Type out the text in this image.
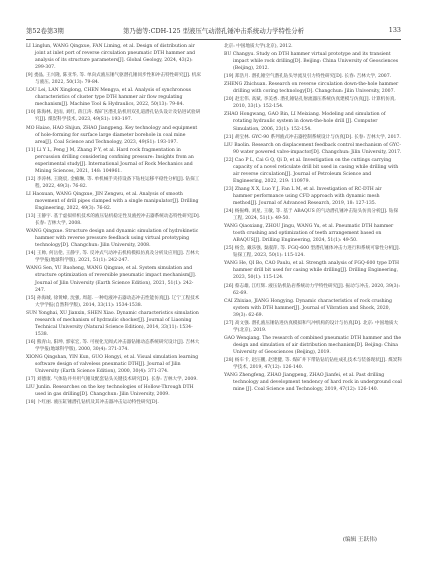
第52卷第3期	第乃德等:CDH-125 型液压气动潜孔锤冲击系统动力学特性分析	133

LI Linglun, WANG Qingxue, FAN Liming, et al. Design of distribution air joint at inlet port of reverse circulation pneumatic DTH hammer and analysis of its structure parameters[J]. Global Geology, 2024, 43(2): 299-307.

[9] 娄晶, 王兴隆, 陈亚华, 等. 单向式液压锤气驱潜孔锤同步性和冲击特性研究[J]. 机床与液压, 2022, 50(13): 79-84.

LOU Lei, LAN Xinglong, CHEN Mengya, et al. Analysis of synchronous characteristics of cluster type DTH hammer air flow regulating mechanism[J]. Machine Tool & Hydraulics, 2022, 50(13): 79-84.

[10] 陈海林, 赵雨, 刘红, 蒋江涛. 煤矿区潜孔钻机用双孔道潜孔钻头设计及钻进试验研究[J]. 煤炭科学技术, 2023, 49(S1): 193-197.

MO Haiao, HAO Shijun, ZHAO Jiangpeng. Key technology and equipment of hole-forming for surface large diameter borehole in coal mine area[J]. Coal Science and Technology, 2023, 49(S1): 193-197.

[11] Li Y L, Peng J M, Zhang P Y, et al. Hard rock fragmentation in percussion drilling considering confining pressure: Insights from an experimental study[J]. International Journal of Rock Mechanics and Mining Sciences, 2021, 148: 104961.

[12] 李涛林, 王晓宸, 金楠琳, 等. 单机械手夹持设备下钻柱运移平稳性分析[J]. 钻探工程, 2022, 49(3): 76-82.

LI Haoxuan, WANG Qingxue, JIN Zengwu, et al. Analysis of smooth movement of drill pipes clamped with a single manipulator[J]. Drilling Engineering, 2022, 49(3): 76-82.

[13] 王静宇. 基于虚拟样机技术的液压钻机稳定性及液控冲击器系统动态特性研究[D]. 长春: 吉林大学, 2008.

WANG Qingxue. Structure design and dynamic simulation of hydrokinetic hammer with reverse pressure feedback using virtual prototyping technology[D]. Changchun: Jilin University, 2008.

[14] 王帅, 何岳伦, 王静宇, 等. 反冲式气动冲击机构模拟仿真及分析及应用[J]. 吉林大学学报(地球科学版), 2021, 51(1): 242-247.

WANG Sen, YU Ruoheng, WANG Qingxue, et al. System simulation and structure optimization of reversible pneumatic impact mechanism[J]. Journal of Jilin University (Earth Science Edition), 2021, 51(1): 242-247.

[15] 孙海城, 徐黄峰, 沈强, 周超. 一种电液冲击器动态冲击性能仿真[J]. 辽宁工程技术大学学报(自然科学版), 2014, 33(11): 1534-1538.

SUN Yonghai, XU Jianxin, SHEN Xiao. Dynamic characteristics simulation research of mechanism of hydraulic shocker[J]. Journal of Liaoning Technical University (Natural Science Edition), 2014, 33(11): 1534-1538.

[16] 熊青山, 阳坤, 郭家宏, 等. 可视化无阀式冲击器钻锤动态系统研究设计[J]. 吉林大学学报(地球科学版), 2000, 30(4): 371-374.

XIONG Qingshan, YIN Kun, GUO Hongyi, et al. Visual simulation learning software design of valveless pneumatic DTH[J]. Journal of Jilin University (Earth Science Edition), 2000, 30(4): 371-374.

[17] 刘德康. 气体钻井井用气锤及配套钻头关键技术研究[D]. 长春: 吉林大学, 2009.

LIU Junlin. Researches on the key technologies of Hollow-Through DTH used in gas drilling[D]. Changchun: Jilin University, 2009.

[18] 卜红丽. 液压缸锤潜孔钻机及其冲击器冲击运动特性研究[D].

北京: 中国地质大学(北京), 2012.

BU Changyu. Study on DTH hammer virtual prototype and its transient impact while rock drilling[D]. Beijing: China University of Geosciences (Beijing), 2012.

[19] 郑浩月. 潜孔锤空气潜孔钻头导流及引力特性研究[D]. 长春: 吉林大学, 2007.

ZHENG Zhichuan. Research on reverse circulation down-the-hole hammer drilling with coring technology[D]. Changchun: Jilin University, 2007.

[20] 赵宏伟, 高斌, 李美香. 潜孔锤钻孔射流器压系统仿真建模与仿真[J]. 计算机仿真, 2010, 33(1): 152-154.

ZHAO Hongwang, GAO Bin, LI Meixiang. Modeling and simulation of rotating hydraulic system in down-the-hole drill [J]. Computer Simulation, 2006, 23(1): 152-154.

[21] 胡宝林. GYC-90 系列液式冲击器控制系统设计与仿真[D]. 长春: 吉林大学, 2017.

LIU Baolin. Research on displacement feedback control mechanism of GYC-90 water powered valve-impactor[D]. Changchun: Jilin University, 2017.

[22] Cao P L, Cai G Q, Qi D, et al. Investigation on the cuttings carrying capacity of a novel reticulate drill bit used in casing while drilling with air reverse circulation[J]. Journal of Petroleum Science and Engineering, 2022, 219: 110979.

[23] Zhang X X, Luo Y J, Fan L M, et al. Investigation of RC-DTH air hammer performance using CFD approach with dynamic mesh method[J]. Journal of Advanced Research, 2019, 18: 127-135.

[24] 杨振峰, 刘星, 王敏, 等. 基于 ABAQUS 的气动潜孔锤冲击钻头仿真分析[J]. 钻探工程, 2024, 51(1): 49-50.

YANG Qiaoxiang, ZHOU Jingu, WANG Yu, et al. Pneumatic DTH hammer tooth crushing and optimization of teeth arrangement based on ABAQUS[J]. Drilling Engineering, 2024, 51(1): 49-50.

[25] 杨会, 戴乐强, 秦淑萍, 等. FGQ-600 型潜孔锤体冲击力进行和系统可靠性分析[J]. 钻探工程, 2023, 50(1): 115-124.

YANG He, QI Bo, CAO Paulu, et al. Strength analysis of FGQ-600 type DTH hammer drill bit used for casing while drilling[J]. Drilling Engineering, 2023, 50(1): 115-124.

[26] 蔡志雄, 江红辉. 液压钻机钻岩系统动力学特性研究[J]. 振动与冲击, 2020, 39(3): 62-69.

CAI Zhixiao, JIANG Hongying. Dynamic characteristics of rock crushing system with DTH hammer[J]. Journal of Vibration and Shock, 2020, 39(3): 62-69.

[27] 高文强. 潜孔液压锤钻进仿真模拟和气冲机构的设计与仿真[D]. 北京: 中国地质大学(北京), 2019.

GAO Wenqiang. The research of combined pneumatic DTH hammer and the design and simulation of air distribution mechanism[D]. Beijing: China University of Geosciences (Beijing), 2019.

[28] 杨车卡, 赵汪鹏, 赵建健, 等. 煤矿井下带钻钻坑钻柱成孔技术与装备现状[J]. 煤炭科学技术, 2019, 47(12): 126-140.

YANG Zhengfeng, ZHAO Jiangpeng, ZHAO Jianfei, et al. Past drilling technology and development tendency of hard rock in underground coal mine [J]. Coal Science and Technology, 2019, 47(12): 126-140.

(编辑 王跃伟)
